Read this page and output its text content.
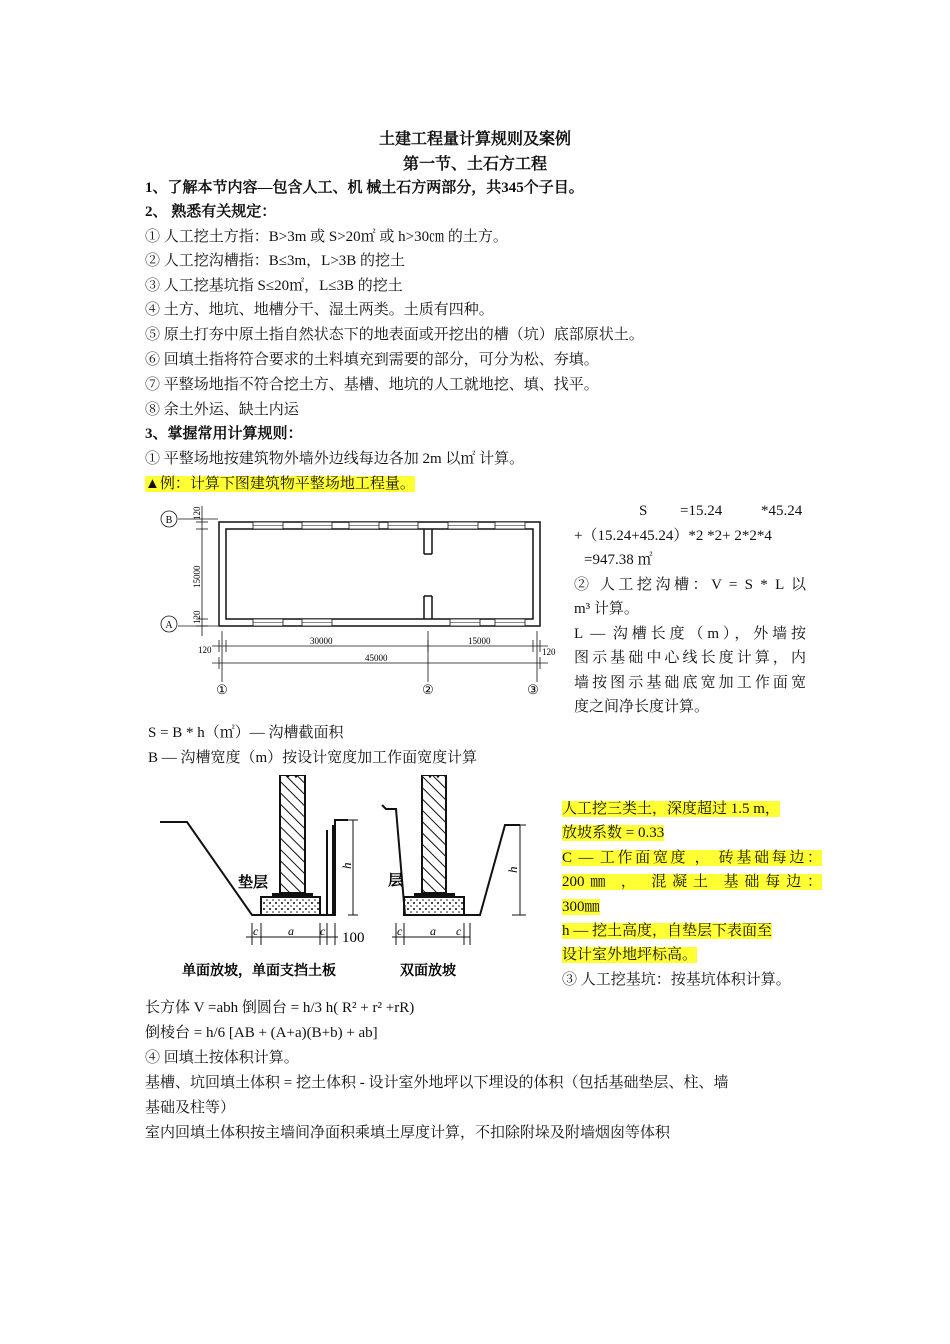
土建工程量计算规则及案例
第一节、土石方工程
1、了解本节内容—包含人工、机 械土石方两部分，共345个子目。
2、 熟悉有关规定：
① 人工挖土方指：B>3m 或 S>20㎡ 或 h>30㎝ 的土方。
② 人工挖沟槽指：B≤3m，L>3B 的挖土
③ 人工挖基坑指 S≤20㎡，L≤3B 的挖土
④ 土方、地坑、地槽分干、湿土两类。土质有四种。
⑤ 原土打夯中原土指自然状态下的地表面或开挖出的槽（坑）底部原状土。
⑥ 回填土指将符合要求的土料填充到需要的部分，可分为松、夯填。
⑦ 平整场地指不符合挖土方、基槽、地坑的人工就地挖、填、找平。
⑧ 余土外运、缺土内运
3、掌握常用计算规则：
① 平整场地按建筑物外墙外边线每边各加 2m 以㎡ 计算。
▲例：计算下图建筑物平整场地工程量。
B
A
120
15000
120
120
30000	15000
120
45000
①	②	③
S =15.24	*45.24
+（15.24+45.24）*2 *2+ 2*2*4
=947.38 ㎡
② 人工挖沟槽：V = S * L 以
m³ 计算。
L — 沟槽长度（m），外墙按
图示基础中心线长度计算，内
墙按图示基础底宽加工作面宽
度之间净长度计算。
S = B * h（㎡）— 沟槽截面积
B — 沟槽宽度（m）按设计宽度加工作面宽度计算
h
垫层
c a c 100
单面放坡，单面支挡土板
h
层
c a c
双面放坡
人工挖三类土，深度超过 1.5 m，
放坡系数 = 0.33
C — 工作面宽度 ， 砖基础每边：
200㎜ ， 混凝土 基础每边：
300㎜
h — 挖土高度，自垫层下表面至
设计室外地坪标高。
③ 人工挖基坑：按基坑体积计算。
长方体 V =abh 倒圆台 = h/3 h( R² + r² +rR)
倒棱台 = h/6 [AB + (A+a)(B+b) + ab]
④ 回填土按体积计算。
基槽、坑回填土体积 = 挖土体积 - 设计室外地坪以下埋设的体积（包括基础垫层、柱、墙
基础及柱等）
室内回填土体积按主墙间净面积乘填土厚度计算，不扣除附垛及附墙烟囱等体积
